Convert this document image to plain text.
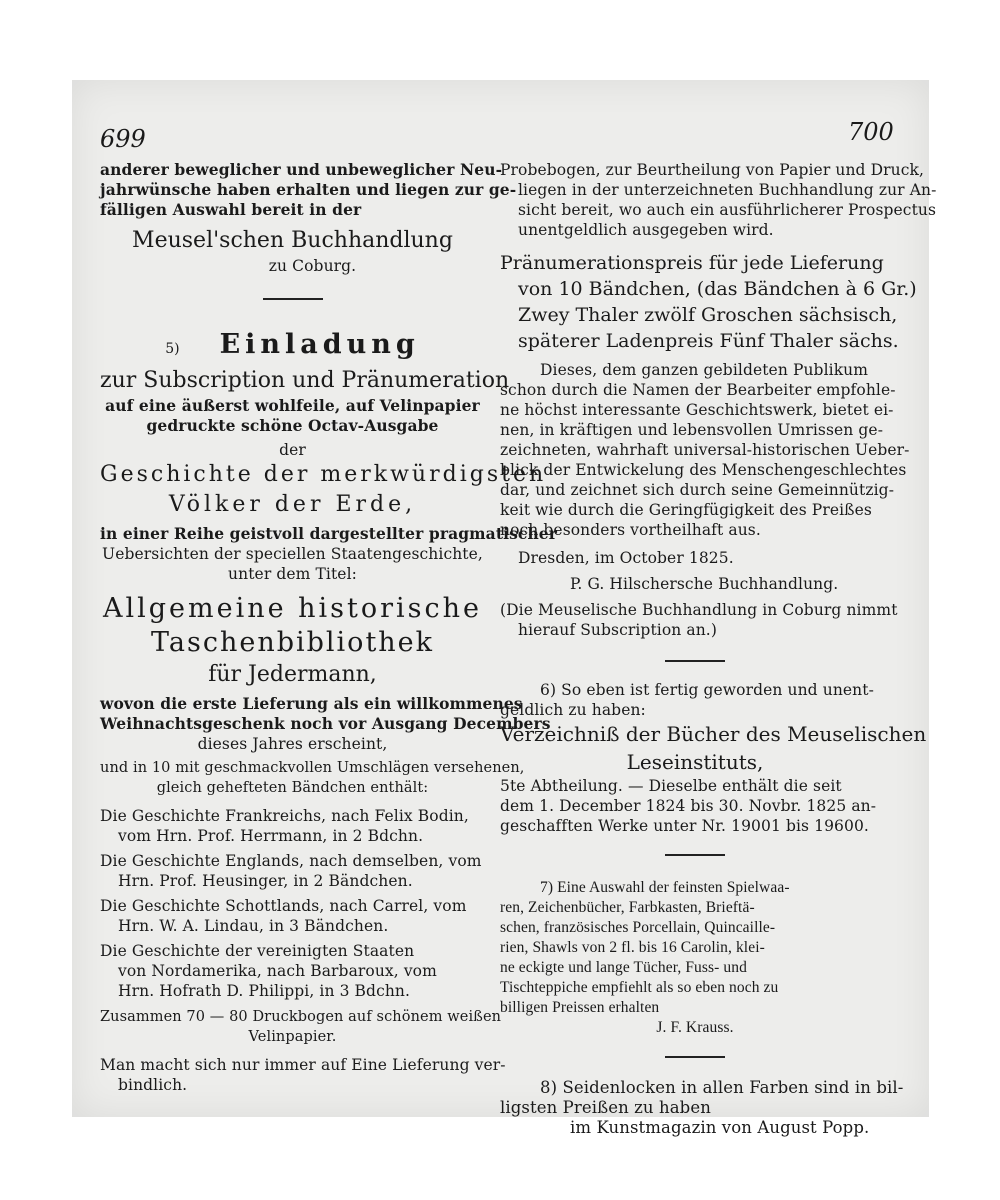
699	700

anderer beweglicher und unbeweglicher Neu-

jahrwünsche haben erhalten und liegen zur ge-

fälligen Auswahl bereit in der

Meusel'schen Buchhandlung

zu Coburg.

5) Einladung

zur Subscription und Pränumeration

auf eine äußerst wohlfeile, auf Velinpapier

gedruckte schöne Octav-Ausgabe

der

Geschichte der merkwürdigsten

Völker der Erde,

in einer Reihe geistvoll dargestellter pragmatischer

Uebersichten der speciellen Staatengeschichte,

unter dem Titel:

Allgemeine historische

Taschenbibliothek

für Jedermann,

wovon die erste Lieferung als ein willkommenes

Weihnachtsgeschenk noch vor Ausgang Decembers

dieses Jahres erscheint,

und in 10 mit geschmackvollen Umschlägen versehenen,

gleich gehefteten Bändchen enthält:

Die Geschichte Frankreichs, nach Felix Bodin,

vom Hrn. Prof. Herrmann, in 2 Bdchn.

Die Geschichte Englands, nach demselben, vom

Hrn. Prof. Heusinger, in 2 Bändchen.

Die Geschichte Schottlands, nach Carrel, vom

Hrn. W. A. Lindau, in 3 Bändchen.

Die Geschichte der vereinigten Staaten

von Nordamerika, nach Barbaroux, vom

Hrn. Hofrath D. Philippi, in 3 Bdchn.

Zusammen 70 — 80 Druckbogen auf schönem weißen

Velinpapier.

Man macht sich nur immer auf Eine Lieferung ver-

bindlich.

Probebogen, zur Beurtheilung von Papier und Druck,

liegen in der unterzeichneten Buchhandlung zur An-

sicht bereit, wo auch ein ausführlicherer Prospectus

unentgeldlich ausgegeben wird.

Pränumerationspreis für jede Lieferung

von 10 Bändchen, (das Bändchen à 6 Gr.)

Zwey Thaler zwölf Groschen sächsisch,

späterer Ladenpreis Fünf Thaler sächs.

Dieses, dem ganzen gebildeten Publikum

schon durch die Namen der Bearbeiter empfohle-

ne höchst interessante Geschichtswerk, bietet ei-

nen, in kräftigen und lebensvollen Umrissen ge-

zeichneten, wahrhaft universal-historischen Ueber-

blick der Entwickelung des Menschengeschlechtes

dar, und zeichnet sich durch seine Gemeinnützig-

keit wie durch die Geringfügigkeit des Preißes

noch besonders vortheilhaft aus.

Dresden, im October 1825.

P. G. Hilschersche Buchhandlung.

(Die Meuselische Buchhandlung in Coburg nimmt

hierauf Subscription an.)

6) So eben ist fertig geworden und unent-

geldlich zu haben:

Verzeichniß der Bücher des Meuselischen

Leseinstituts,

5te Abtheilung. — Dieselbe enthält die seit

dem 1. December 1824 bis 30. Novbr. 1825 an-

geschafften Werke unter Nr. 19001 bis 19600.

7) Eine Auswahl der feinsten Spielwaa-

ren, Zeichenbücher, Farbkasten, Brieftä-

schen, französisches Porcellain, Quincaille-

rien, Shawls von 2 fl. bis 16 Carolin, klei-

ne eckigte und lange Tücher, Fuss- und

Tischteppiche empfiehlt als so eben noch zu

billigen Preissen erhalten

J. F. Krauss.

8) Seidenlocken in allen Farben sind in bil-

ligsten Preißen zu haben

im Kunstmagazin von August Popp.
